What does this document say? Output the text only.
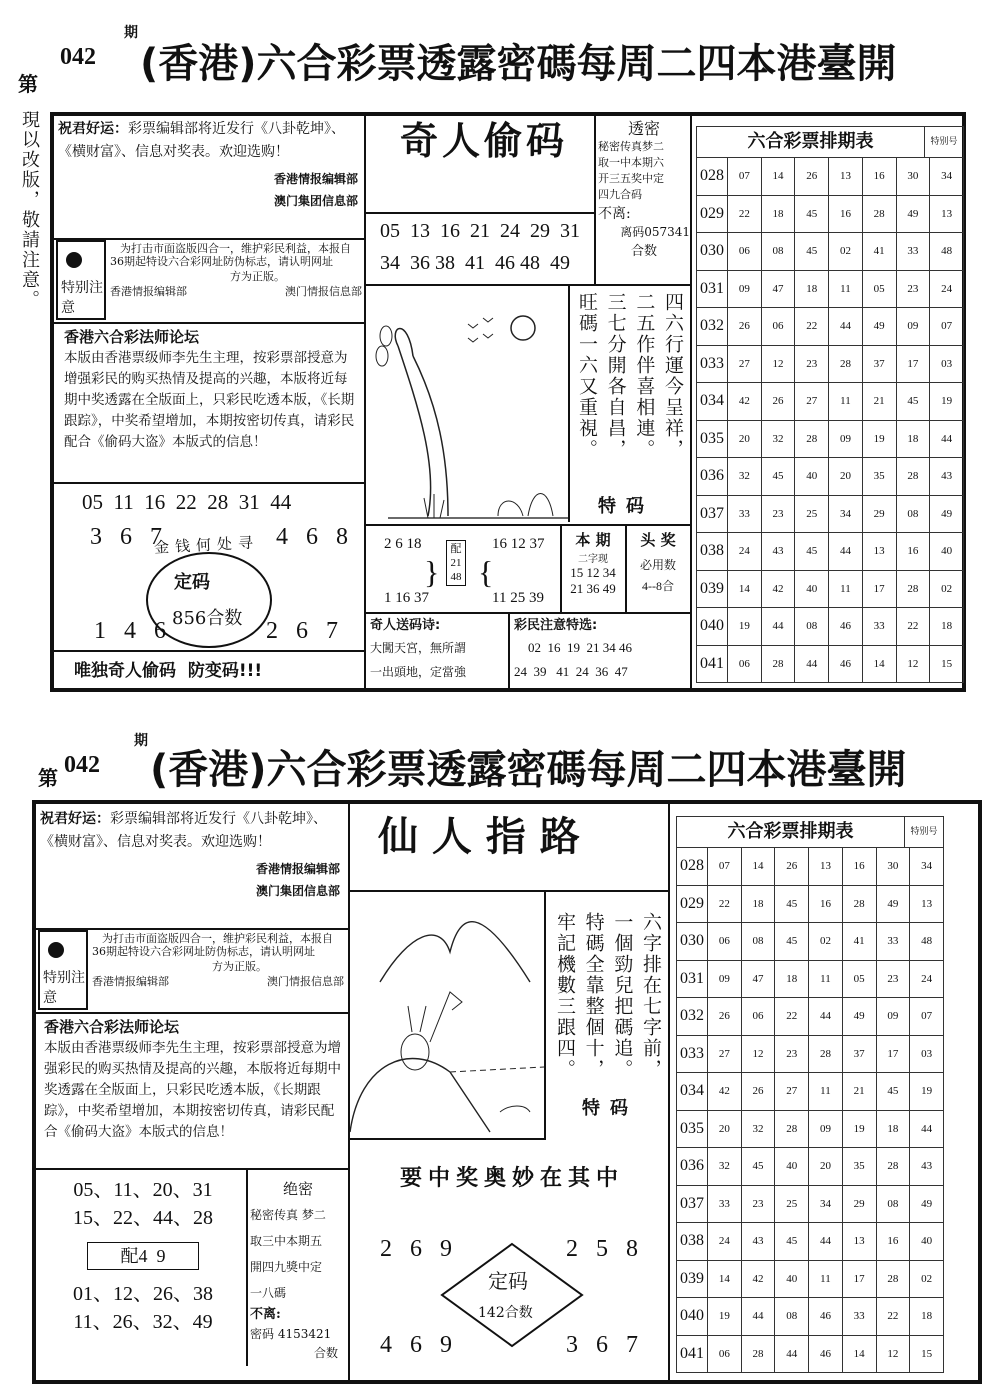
第
042
期
(香港)六合彩票透露密碼每周二四本港臺開
現以改版，敬請注意。 祝君好运：彩票编辑部将近发行《八卦乾坤》、《横财富》、信息对奖表。欢迎选购！
香港情报编辑部
澳门集团信息部
特别注意
为打击市面盗版四合一，维护彩民利益，本报自36期起特设六合彩网址防伪标志，请认明网址
方为正版。
香港情报编辑部	澳门情报信息部
香港六合彩法师论坛
本版由香港票级师李先生主理，按彩票部授意为增强彩民的购买热情及提高的兴趣，本版将近每期中奖透露在全版面上，只彩民吃透本版，《长期跟踪》，中奖希望增加，本期按密切传真，请彩民配合《偷码大盗》本版式的信息！
05  11  16  22  28  31  44
3 6 7	4 6 8
1 4 6	2 6 7
金钱何处寻
定码
856合数
唯独奇人偷码  防变码!!!
奇人偷码
05  13  16  21  24  29  31
34  36 38  41  46 48  49
透密
秘密传真梦二
取一中本期六
开三五奖中定
四九合码
不离:
离码057341
合数
四六行運今呈祥，
二五作伴喜相連。
三七分開各自昌，
旺碼一六又重視。
特码
2 6 18
1 16 37
}
配
21
48 {
16 12 37
11 25 39
本 期
二字现
15 12 34
21 36 49
头 奖
必用数
4--8合
奇人送码诗:
大闖天宮，無所謂
一出頭地，定當強
彩民注意特选:
02  16  19  21 34 46
24  39   41  24  36  47
六合彩票排期表	特别号
028	07	14	26	13	16	30	34
029	22	18	45	16	28	49	13
030	06	08	45	02	41	33	48
031	09	47	18	11	05	23	24
032	26	06	22	44	49	09	07
033	27	12	23	28	37	17	03
034	42	26	27	11	21	45	19
035	20	32	28	09	19	18	44
036	32	45	40	20	35	28	43
037	33	23	25	34	29	08	49
038	24	43	45	44	13	16	40
039	14	42	40	11	17	28	02
040	19	44	08	46	33	22	18
041	06	28	44	46	14	12	15
第 042
期
(香港)六合彩票透露密碼每周二四本港臺開
祝君好运：彩票编辑部将近发行《八卦乾坤》、《横财富》、信息对奖表。欢迎选购！
香港情报编辑部
澳门集团信息部
特别注意
为打击市面盗版四合一，维护彩民利益，本报自36期起特设六合彩网址防伪标志，请认明网址
方为正版。
香港情报编辑部	澳门情报信息部
香港六合彩法师论坛
本版由香港票级师李先生主理，按彩票部授意为增强彩民的购买热情及提高的兴趣，本版将近每期中奖透露在全版面上，只彩民吃透本版，《长期跟踪》，中奖希望增加，本期按密切传真，请彩民配合《偷码大盗》本版式的信息！
05、11、20、31
15、22、44、28
配4  9
01、12、26、38
11、26、32、49
绝密
秘密传真 梦二
取三中本期五
開四九獎中定
一八碼
不离:
密码 4153421
合数
仙 人 指 路
六字排在七字前，
一個勁兒把碼追。
特碼全靠整個十，
牢記機數三跟四。
特码
要中奖奥妙在其中
2 6 9	2 5 8
4 6 9	3 6 7
定码
142合数
六合彩票排期表	特别号
028	07	14	26	13	16	30	34
029	22	18	45	16	28	49	13
030	06	08	45	02	41	33	48
031	09	47	18	11	05	23	24
032	26	06	22	44	49	09	07
033	27	12	23	28	37	17	03
034	42	26	27	11	21	45	19
035	20	32	28	09	19	18	44
036	32	45	40	20	35	28	43
037	33	23	25	34	29	08	49
038	24	43	45	44	13	16	40
039	14	42	40	11	17	28	02
040	19	44	08	46	33	22	18
041	06	28	44	46	14	12	15
